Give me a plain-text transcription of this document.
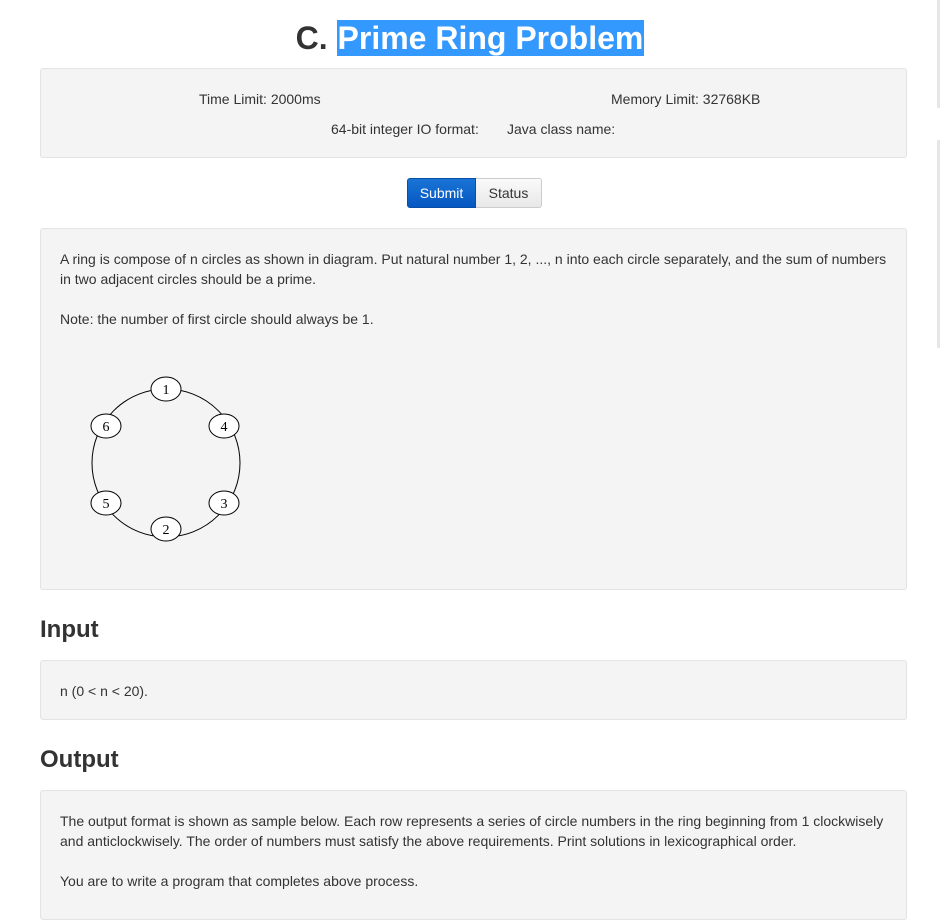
C. Prime Ring Problem
Time Limit: 2000ms	Memory Limit: 32768KB
64-bit integer IO format: Java class name:
Submit	Status

A ring is compose of n circles as shown in diagram. Put natural number 1, 2, ..., n into each circle separately, and the sum of numbers in two adjacent circles should be a prime.

Note: the number of first circle should always be 1.

1
4
3
2
5
6
Input

n (0 < n < 20).

Output

The output format is shown as sample below. Each row represents a series of circle numbers in the ring beginning from 1 clockwisely and anticlockwisely. The order of numbers must satisfy the above requirements. Print solutions in lexicographical order.

You are to write a program that completes above process.
